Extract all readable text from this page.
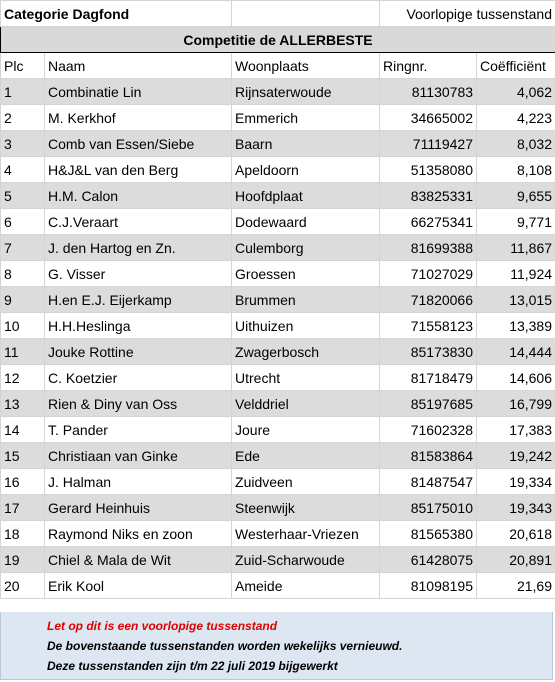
Categorie Dagfond			Voorlopige tussenstand	
Competitie de ALLERBESTE				
Plc	Naam	Woonplaats	Ringnr.	Coëfficiënt
1	Combinatie Lin	Rijnsaterwoude	81130783	4,062
2	M. Kerkhof	Emmerich	34665002	4,223
3	Comb van Essen/Siebe	Baarn	71119427	8,032
4	H&J&L van den Berg	Apeldoorn	51358080	8,108
5	H.M. Calon	Hoofdplaat	83825331	9,655
6	C.J.Veraart	Dodewaard	66275341	9,771
7	J. den Hartog en Zn.	Culemborg	81699388	11,867
8	G. Visser	Groessen	71027029	11,924
9	H.en E.J. Eijerkamp	Brummen	71820066	13,015
10	H.H.Heslinga	Uithuizen	71558123	13,389
11	Jouke Rottine	Zwagerbosch	85173830	14,444
12	C. Koetzier	Utrecht	81718479	14,606
13	Rien & Diny van Oss	Velddriel	85197685	16,799
14	T. Pander	Joure	71602328	17,383
15	Christiaan van Ginke	Ede	81583864	19,242
16	J. Halman	Zuidveen	81487547	19,334
17	Gerard Heinhuis	Steenwijk	85175010	19,343
18	Raymond Niks en zoon	Westerhaar-Vriezen	81565380	20,618
19	Chiel & Mala de Wit	Zuid-Scharwoude	61428075	20,891
20	Erik Kool	Ameide	81098195	21,69
Let op dit is een voorlopige tussenstand
De bovenstaande tussenstanden worden wekelijks vernieuwd.
Deze tussenstanden zijn t/m 22 juli 2019 bijgewerkt
